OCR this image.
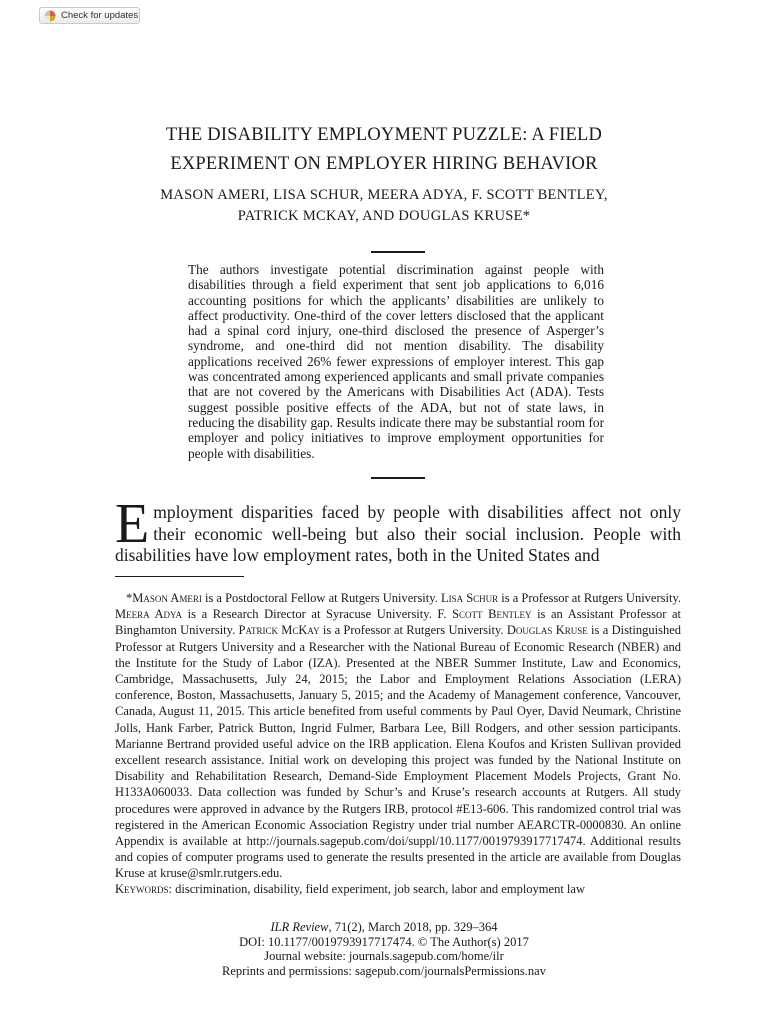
Check for updates
THE DISABILITY EMPLOYMENT PUZZLE: A FIELD
EXPERIMENT ON EMPLOYER HIRING BEHAVIOR
MASON AMERI, LISA SCHUR, MEERA ADYA, F. SCOTT BENTLEY,
PATRICK MCKAY, AND DOUGLAS KRUSE*

The authors investigate potential discrimination against people with disabilities through a field experiment that sent job applications to 6,016 accounting positions for which the applicants’ disabilities are unlikely to affect productivity. One-third of the cover letters disclosed that the applicant had a spinal cord injury, one-third disclosed the presence of Asperger’s syndrome, and one-third did not mention disability. The disability applications received 26% fewer expressions of employer interest. This gap was concentrated among experienced applicants and small private companies that are not covered by the Americans with Disabilities Act (ADA). Tests suggest possible positive effects of the ADA, but not of state laws, in reducing the disability gap. Results indicate there may be substantial room for employer and policy initiatives to improve employment opportunities for people with disabilities.

Employment disparities faced by people with disabilities affect not only their economic well-being but also their social inclusion. People with disabilities have low employment rates, both in the United States and

*Mason Ameri is a Postdoctoral Fellow at Rutgers University. Lisa Schur is a Professor at Rutgers University. Meera Adya is a Research Director at Syracuse University. F. Scott Bentley is an Assistant Professor at Binghamton University. Patrick McKay is a Professor at Rutgers University. Douglas Kruse is a Distinguished Professor at Rutgers University and a Researcher with the National Bureau of Economic Research (NBER) and the Institute for the Study of Labor (IZA). Presented at the NBER Summer Institute, Law and Economics, Cambridge, Massachusetts, July 24, 2015; the Labor and Employment Relations Association (LERA) conference, Boston, Massachusetts, January 5, 2015; and the Academy of Management conference, Vancouver, Canada, August 11, 2015. This article benefited from useful comments by Paul Oyer, David Neumark, Christine Jolls, Hank Farber, Patrick Button, Ingrid Fulmer, Barbara Lee, Bill Rodgers, and other session participants. Marianne Bertrand provided useful advice on the IRB application. Elena Koufos and Kristen Sullivan provided excellent research assistance. Initial work on developing this project was funded by the National Institute on Disability and Rehabilitation Research, Demand-Side Employment Placement Models Projects, Grant No. H133A060033. Data collection was funded by Schur’s and Kruse’s research accounts at Rutgers. All study procedures were approved in advance by the Rutgers IRB, protocol #E13-606. This randomized control trial was registered in the American Economic Association Registry under trial number AEARCTR-0000830. An online Appendix is available at http://journals.sagepub.com/doi/suppl/10.1177/0019793917717474. Additional results and copies of computer programs used to generate the results presented in the article are available from Douglas Kruse at kruse@smlr.rutgers.edu.

Keywords: discrimination, disability, field experiment, job search, labor and employment law

ILR Review, 71(2), March 2018, pp. 329–364
DOI: 10.1177/0019793917717474. © The Author(s) 2017
Journal website: journals.sagepub.com/home/ilr
Reprints and permissions: sagepub.com/journalsPermissions.nav
